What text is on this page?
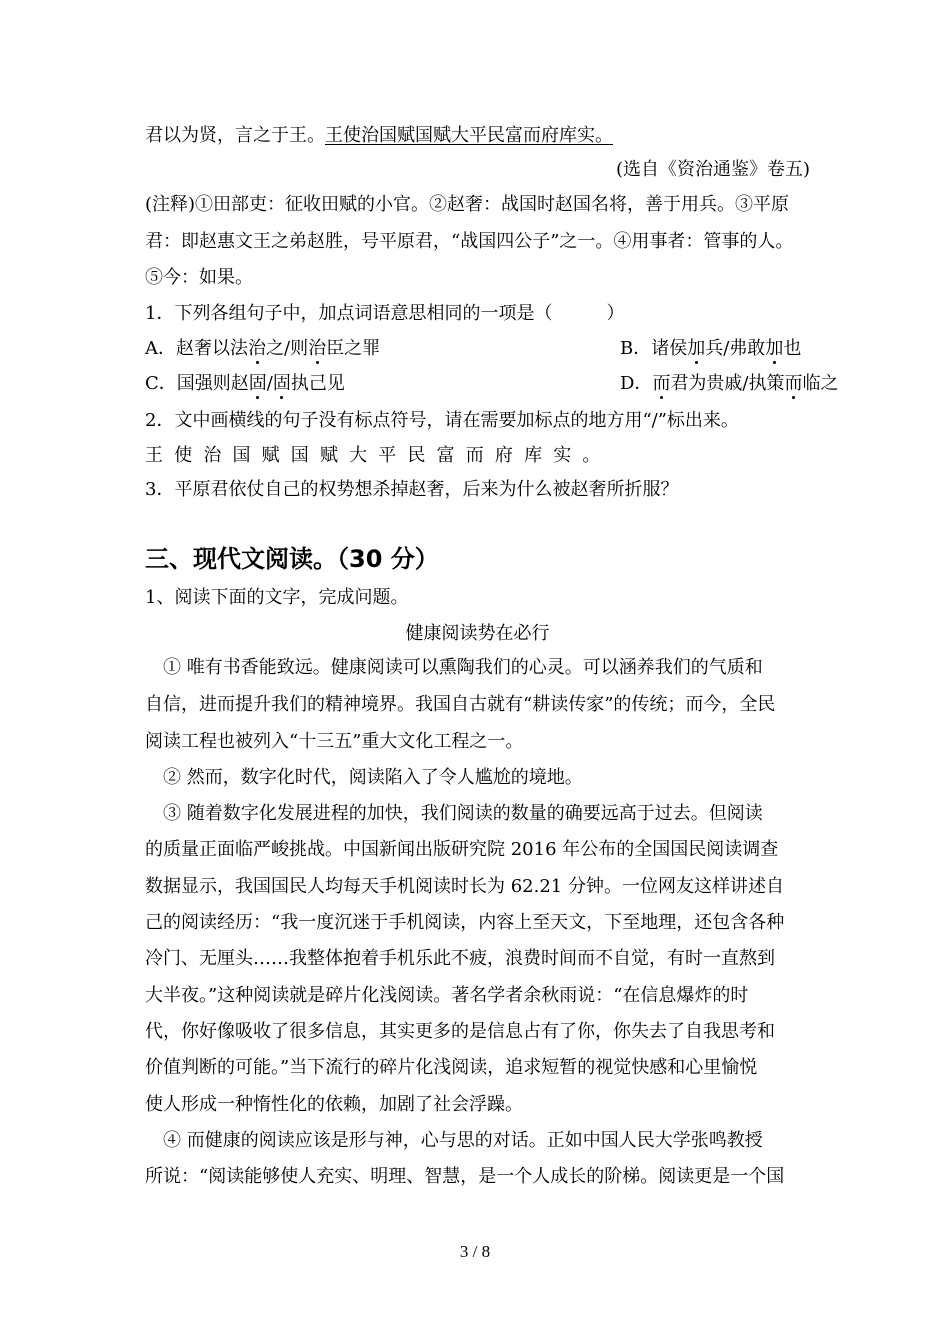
君以为贤，言之于王。王使治国赋国赋大平民富而府库实。
(选自《资治通鉴》卷五)
(注释)①田部吏：征收田赋的小官。②赵奢：战国时赵国名将，善于用兵。③平原
君：即赵惠文王之弟赵胜，号平原君，“战国四公子”之一。④用事者：管事的人。
⑤今：如果。
1．下列各组句子中，加点词语意思相同的一项是（　　　）
A．赵奢以法治之/则治臣之罪	B．诸侯加兵/弗敢加也
C．国强则赵固/固执己见	D．而君为贵戚/执策而临之
2．文中画横线的句子没有标点符号，请在需要加标点的地方用“/”标出来。
王使治国赋国赋大平民富而府库实。
3．平原君依仗自己的权势想杀掉赵奢，后来为什么被赵奢所折服？
三、现代文阅读。（30 分）
1、阅读下面的文字，完成问题。
健康阅读势在必行
　① 唯有书香能致远。健康阅读可以熏陶我们的心灵。可以涵养我们的气质和
自信，进而提升我们的精神境界。我国自古就有“耕读传家”的传统；而今，全民
阅读工程也被列入“十三五”重大文化工程之一。
　② 然而，数字化时代，阅读陷入了令人尴尬的境地。
　③ 随着数字化发展进程的加快，我们阅读的数量的确要远高于过去。但阅读
的质量正面临严峻挑战。中国新闻出版研究院 2016 年公布的全国国民阅读调查
数据显示，我国国民人均每天手机阅读时长为 62.21 分钟。一位网友这样讲述自
己的阅读经历：“我一度沉迷于手机阅读，内容上至天文，下至地理，还包含各种
冷门、无厘头……我整体抱着手机乐此不疲，浪费时间而不自觉，有时一直熬到
大半夜。”这种阅读就是碎片化浅阅读。著名学者余秋雨说：“在信息爆炸的时
代，你好像吸收了很多信息，其实更多的是信息占有了你，你失去了自我思考和
价值判断的可能。”当下流行的碎片化浅阅读，追求短暂的视觉快感和心里愉悦
使人形成一种惰性化的依赖，加剧了社会浮躁。
　④ 而健康的阅读应该是形与神，心与思的对话。正如中国人民大学张鸣教授
所说：“阅读能够使人充实、明理、智慧，是一个人成长的阶梯。阅读更是一个国
3 / 8
